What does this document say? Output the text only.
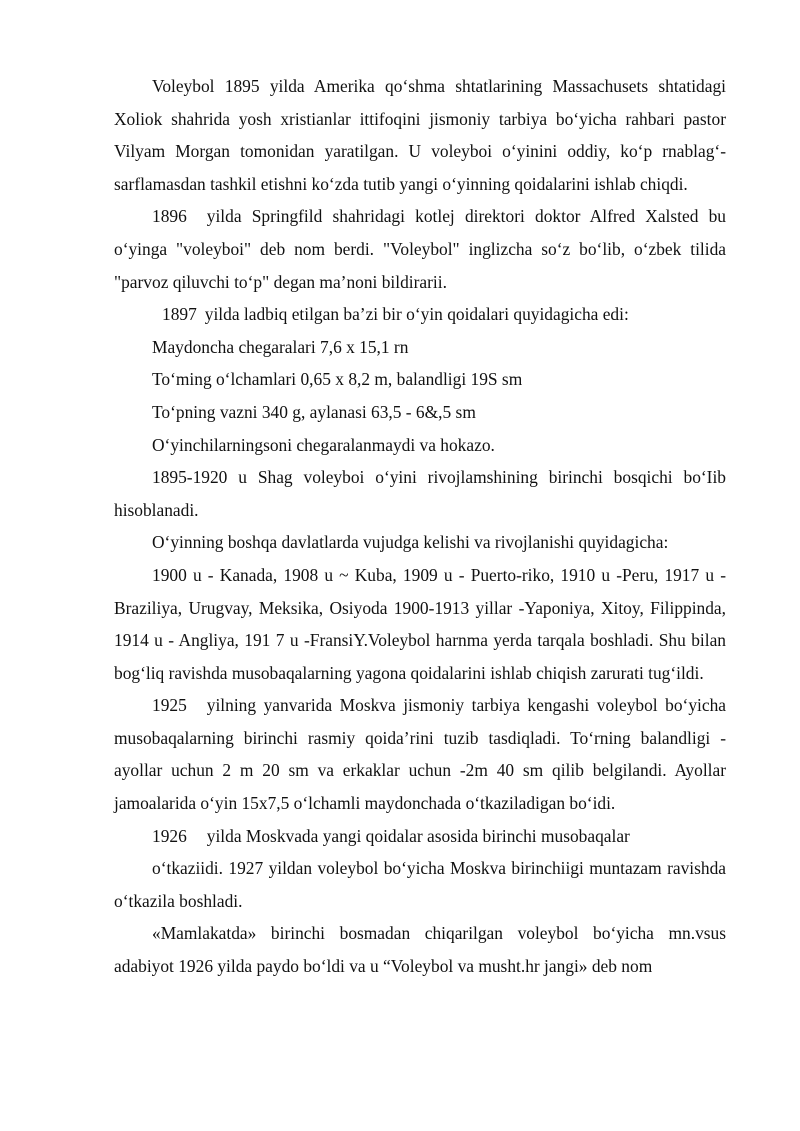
Voleybol 1895 yilda Amerika qo‘shma shtatlarining Massachusets shtatidagi Xoliok shahrida yosh xristianlar ittifoqini jismoniy tarbiya bo‘yicha rahbari pastor Vilyam Morgan tomonidan yaratilgan. U voleyboi o‘yinini oddiy, ko‘p rnablag‘-sarflamasdan tashkil etishni ko‘zda tutib yangi o‘yinning qoidalarini ishlab chiqdi.

1896 yilda Springfild shahridagi kotlej direktori doktor Alfred Xalsted bu o‘yinga "voleyboi" deb nom berdi. "Voleybol" inglizcha so‘z bo‘lib, o‘zbek tilida "parvoz qiluvchi to‘p" degan ma’noni bildirarii.

1897 yilda ladbiq etilgan ba’zi bir o‘yin qoidalari quyidagicha edi:

Maydoncha chegaralari 7,6 x 15,1 rn

To‘ming o‘lchamlari 0,65 x 8,2 m, balandligi 19S sm

To‘pning vazni 340 g, aylanasi 63,5 - 6&,5 sm

O‘yinchilarningsoni chegaralanmaydi va hokazo.

1895-1920 u Shag voleyboi o‘yini rivojlamshining birinchi bosqichi bo‘Iib hisoblanadi.

O‘yinning boshqa davlatlarda vujudga kelishi va rivojlanishi quyidagicha:

1900 u - Kanada, 1908 u ~ Kuba, 1909 u - Puerto-riko, 1910 u -Peru, 1917 u - Braziliya, Urugvay, Meksika, Osiyoda 1900-1913 yillar -Yaponiya, Xitoy, Filippinda, 1914 u - Angliya, 191 7 u -FransiY.Voleybol harnma yerda tarqala boshladi. Shu bilan bog‘liq ravishda musobaqalarning yagona qoidalarini ishlab chiqish zarurati tug‘ildi.

1925 yilning yanvarida Moskva jismoniy tarbiya kengashi voleybol bo‘yicha musobaqalarning birinchi rasmiy qoida’rini tuzib tasdiqladi. To‘rning balandligi - ayollar uchun 2 m 20 sm va erkaklar uchun -2m 40 sm qilib belgilandi. Ayollar jamoalarida o‘yin 15x7,5 o‘lchamli maydonchada o‘tkaziladigan bo‘idi.

1926 yilda Moskvada yangi qoidalar asosida birinchi musobaqalar

o‘tkaziidi. 1927 yildan voleybol bo‘yicha Moskva birinchiigi muntazam ravishda o‘tkazila boshladi.

«Mamlakatda» birinchi bosmadan chiqarilgan voleybol bo‘yicha mn.vsus adabiyot 1926 yilda paydo bo‘ldi va u “Voleybol va musht.hr jangi» deb nom
